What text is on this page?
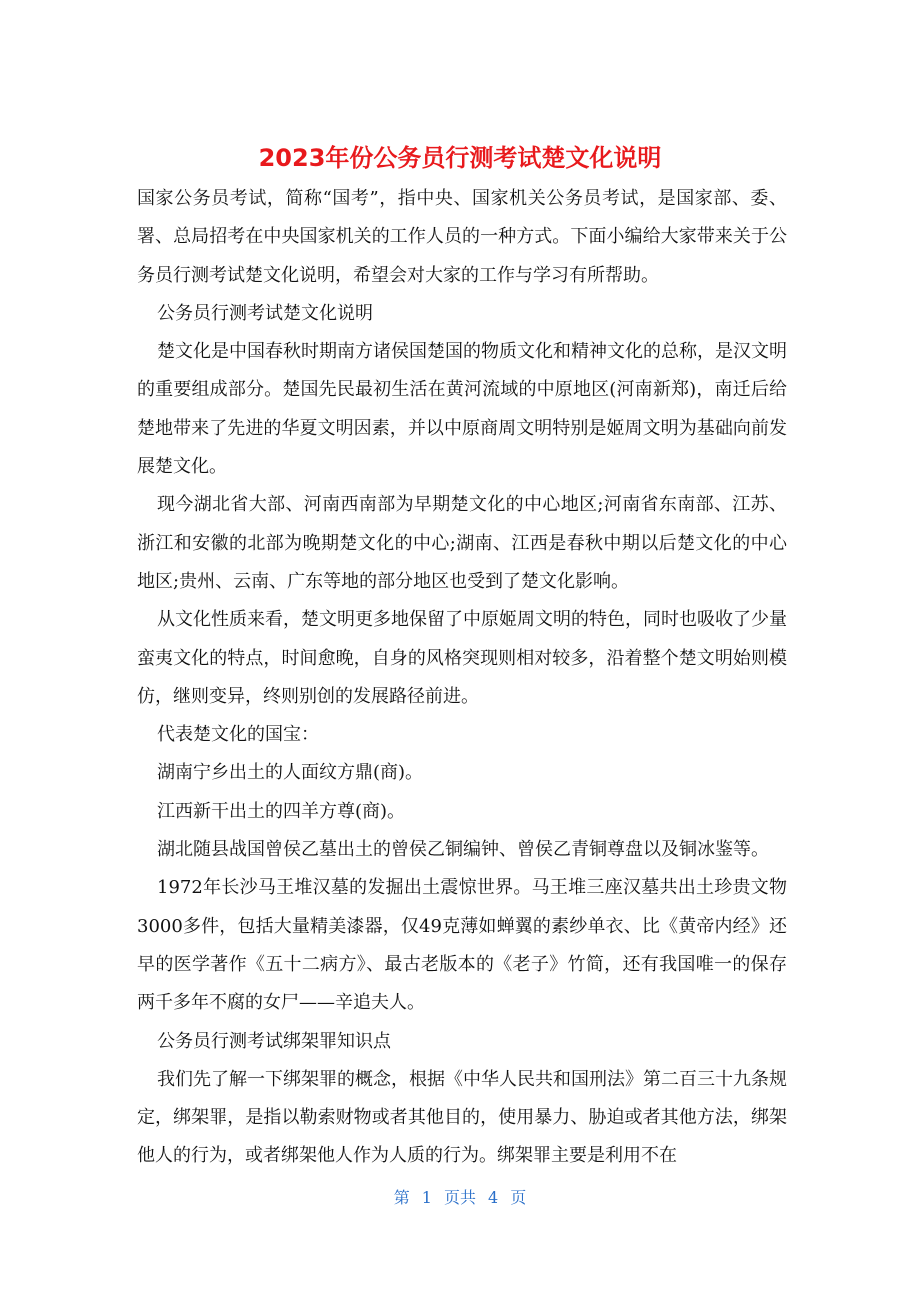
2023年份公务员行测考试楚文化说明

国家公务员考试，简称“国考”，指中央、国家机关公务员考试，是国家部、委、署、总局招考在中央国家机关的工作人员的一种方式。下面小编给大家带来关于公务员行测考试楚文化说明，希望会对大家的工作与学习有所帮助。

公务员行测考试楚文化说明

楚文化是中国春秋时期南方诸侯国楚国的物质文化和精神文化的总称，是汉文明的重要组成部分。楚国先民最初生活在黄河流域的中原地区(河南新郑)，南迁后给楚地带来了先进的华夏文明因素，并以中原商周文明特别是姬周文明为基础向前发展楚文化。

现今湖北省大部、河南西南部为早期楚文化的中心地区;河南省东南部、江苏、浙江和安徽的北部为晚期楚文化的中心;湖南、江西是春秋中期以后楚文化的中心地区;贵州、云南、广东等地的部分地区也受到了楚文化影响。

从文化性质来看，楚文明更多地保留了中原姬周文明的特色，同时也吸收了少量蛮夷文化的特点，时间愈晚，自身的风格突现则相对较多，沿着整个楚文明始则模仿，继则变异，终则别创的发展路径前进。

代表楚文化的国宝：

湖南宁乡出土的人面纹方鼎(商)。

江西新干出土的四羊方尊(商)。

湖北随县战国曾侯乙墓出土的曾侯乙铜编钟、曾侯乙青铜尊盘以及铜冰鉴等。

1972年长沙马王堆汉墓的发掘出土震惊世界。马王堆三座汉墓共出土珍贵文物3000多件，包括大量精美漆器，仅49克薄如蝉翼的素纱单衣、比《黄帝内经》还早的医学著作《五十二病方》、最古老版本的《老子》竹简，还有我国唯一的保存两千多年不腐的女尸——辛追夫人。

公务员行测考试绑架罪知识点

我们先了解一下绑架罪的概念，根据《中华人民共和国刑法》第二百三十九条规定，绑架罪，是指以勒索财物或者其他目的，使用暴力、胁迫或者其他方法，绑架他人的行为，或者绑架他人作为人质的行为。绑架罪主要是利用不在

第 1 页共 4 页
